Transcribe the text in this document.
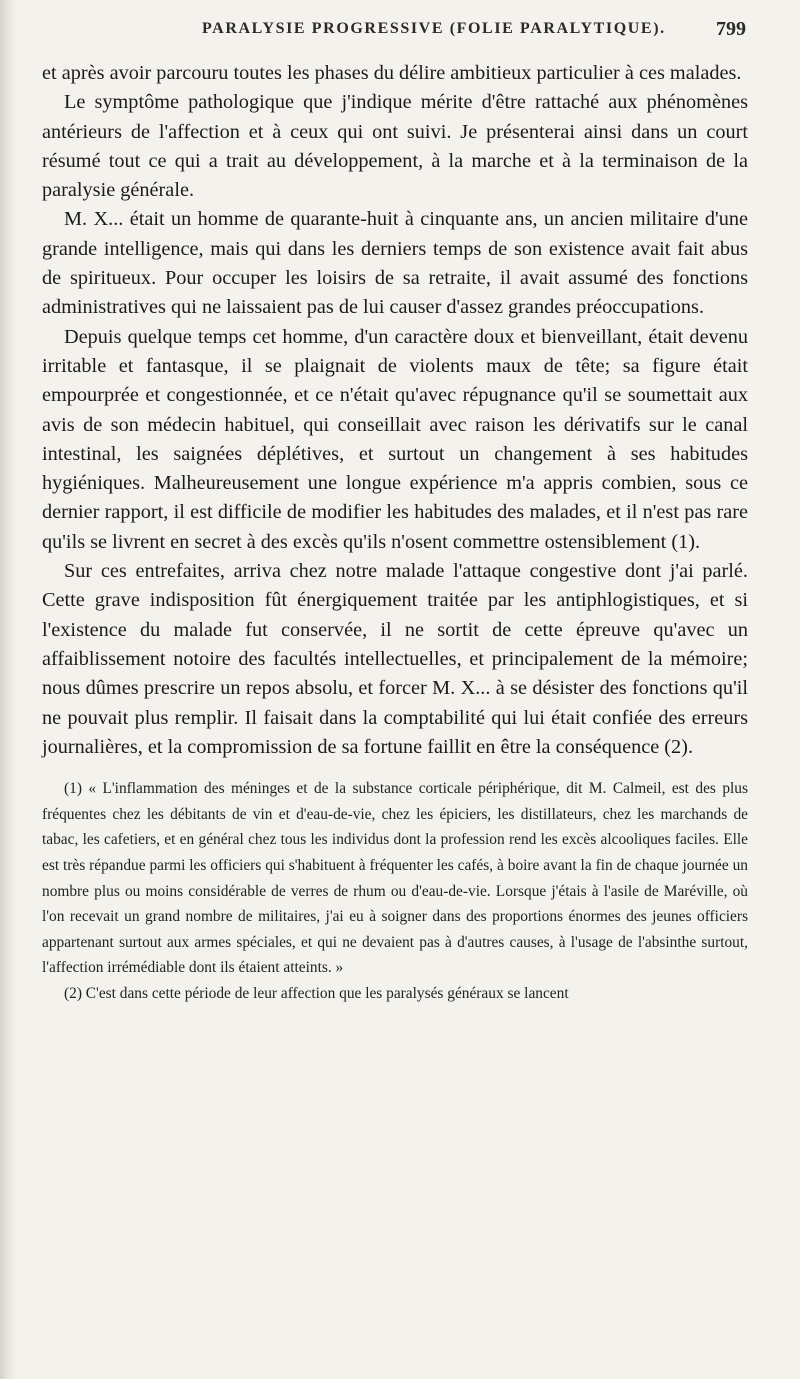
PARALYSIE PROGRESSIVE (FOLIE PARALYTIQUE).	799

et après avoir parcouru toutes les phases du délire ambitieux particulier à ces malades.

Le symptôme pathologique que j'indique mérite d'être rattaché aux phénomènes antérieurs de l'affection et à ceux qui ont suivi. Je présenterai ainsi dans un court résumé tout ce qui a trait au développement, à la marche et à la terminaison de la paralysie générale.

M. X... était un homme de quarante-huit à cinquante ans, un ancien militaire d'une grande intelligence, mais qui dans les derniers temps de son existence avait fait abus de spiritueux. Pour occuper les loisirs de sa retraite, il avait assumé des fonctions administratives qui ne laissaient pas de lui causer d'assez grandes préoccupations.

Depuis quelque temps cet homme, d'un caractère doux et bienveillant, était devenu irritable et fantasque, il se plaignait de violents maux de tête; sa figure était empourprée et congestionnée, et ce n'était qu'avec répugnance qu'il se soumettait aux avis de son médecin habituel, qui conseillait avec raison les dérivatifs sur le canal intestinal, les saignées déplétives, et surtout un changement à ses habitudes hygiéniques. Malheureusement une longue expérience m'a appris combien, sous ce dernier rapport, il est difficile de modifier les habitudes des malades, et il n'est pas rare qu'ils se livrent en secret à des excès qu'ils n'osent commettre ostensiblement (1).

Sur ces entrefaites, arriva chez notre malade l'attaque congestive dont j'ai parlé. Cette grave indisposition fût énergiquement traitée par les antiphlogistiques, et si l'existence du malade fut conservée, il ne sortit de cette épreuve qu'avec un affaiblissement notoire des facultés intellectuelles, et principalement de la mémoire; nous dûmes prescrire un repos absolu, et forcer M. X... à se désister des fonctions qu'il ne pouvait plus remplir. Il faisait dans la comptabilité qui lui était confiée des erreurs journalières, et la compromission de sa fortune faillit en être la conséquence (2).

(1) « L'inflammation des méninges et de la substance corticale périphérique, dit M. Calmeil, est des plus fréquentes chez les débitants de vin et d'eau-de-vie, chez les épiciers, les distillateurs, chez les marchands de tabac, les cafetiers, et en général chez tous les individus dont la profession rend les excès alcooliques faciles. Elle est très répandue parmi les officiers qui s'habituent à fréquenter les cafés, à boire avant la fin de chaque journée un nombre plus ou moins considérable de verres de rhum ou d'eau-de-vie. Lorsque j'étais à l'asile de Maréville, où l'on recevait un grand nombre de militaires, j'ai eu à soigner dans des proportions énormes des jeunes officiers appartenant surtout aux armes spéciales, et qui ne devaient pas à d'autres causes, à l'usage de l'absinthe surtout, l'affection irrémédiable dont ils étaient atteints. »

(2) C'est dans cette période de leur affection que les paralysés généraux se lancent
